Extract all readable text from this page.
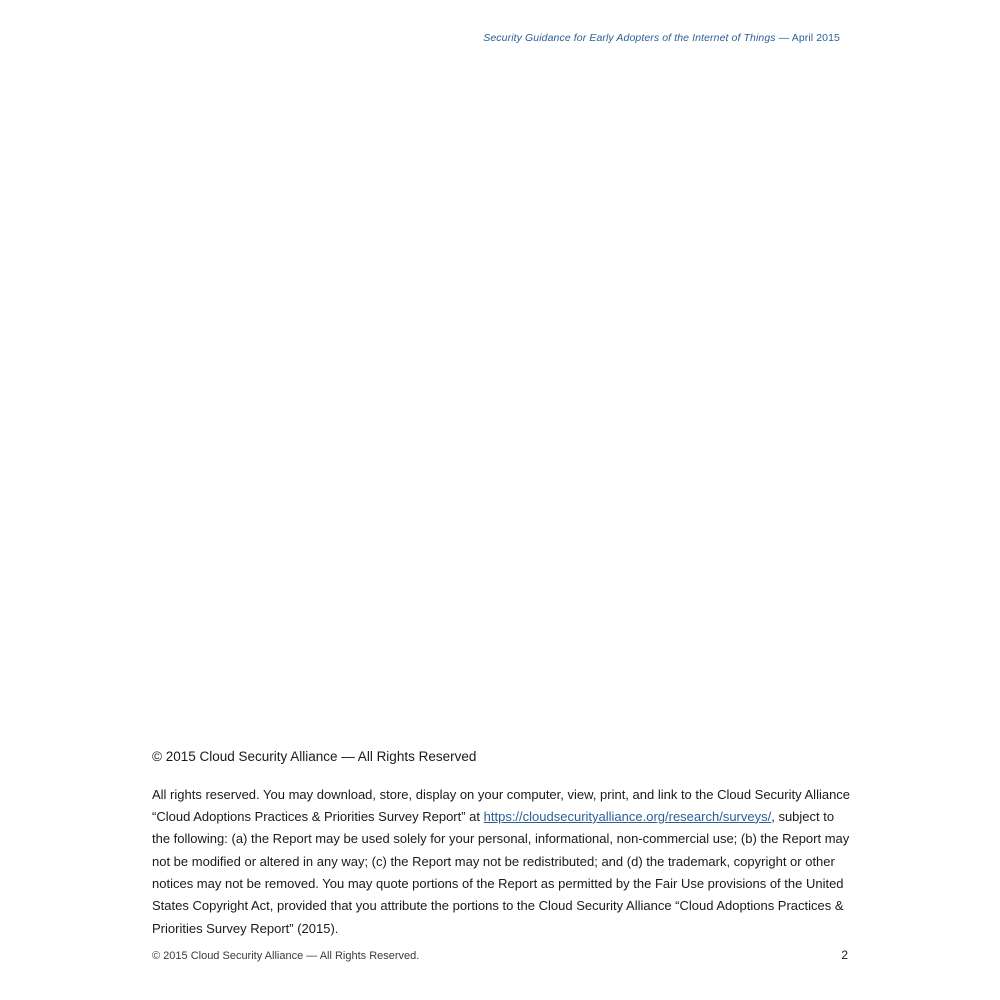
Security Guidance for Early Adopters of the Internet of Things — April 2015

© 2015 Cloud Security Alliance — All Rights Reserved

All rights reserved. You may download, store, display on your computer, view, print, and link to the Cloud Security Alliance “Cloud Adoptions Practices & Priorities Survey Report” at https://cloudsecurityalliance.org/research/surveys/, subject to the following: (a) the Report may be used solely for your personal, informational, non-commercial use; (b) the Report may not be modified or altered in any way; (c) the Report may not be redistributed; and (d) the trademark, copyright or other notices may not be removed. You may quote portions of the Report as permitted by the Fair Use provisions of the United States Copyright Act, provided that you attribute the portions to the Cloud Security Alliance “Cloud Adoptions Practices & Priorities Survey Report” (2015).

© 2015 Cloud Security Alliance — All Rights Reserved.	2
